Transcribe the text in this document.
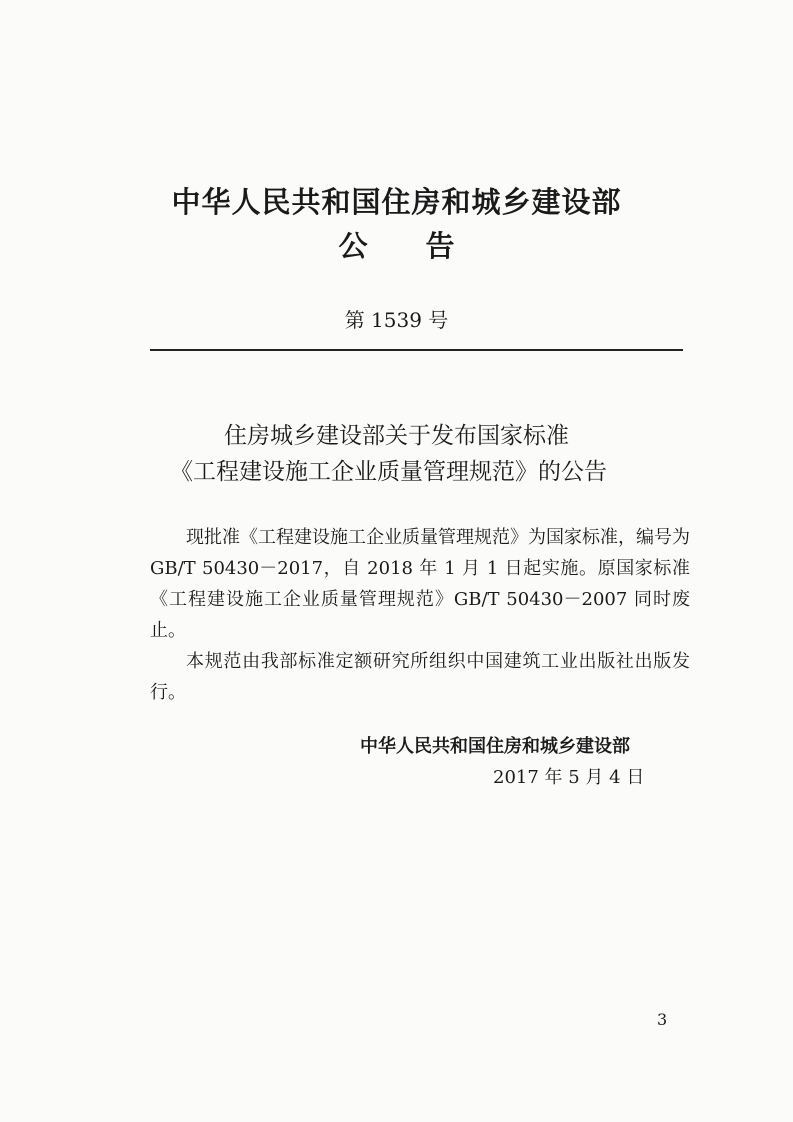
中华人民共和国住房和城乡建设部
公　　告
第 1539 号
住房城乡建设部关于发布国家标准
《工程建设施工企业质量管理规范》的公告

现批准《工程建设施工企业质量管理规范》为国家标准，编号为 GB/T 50430－2017，自 2018 年 1 月 1 日起实施。原国家标准《工程建设施工企业质量管理规范》GB/T 50430－2007 同时废止。

本规范由我部标准定额研究所组织中国建筑工业出版社出版发行。

中华人民共和国住房和城乡建设部
2017 年 5 月 4 日
3
